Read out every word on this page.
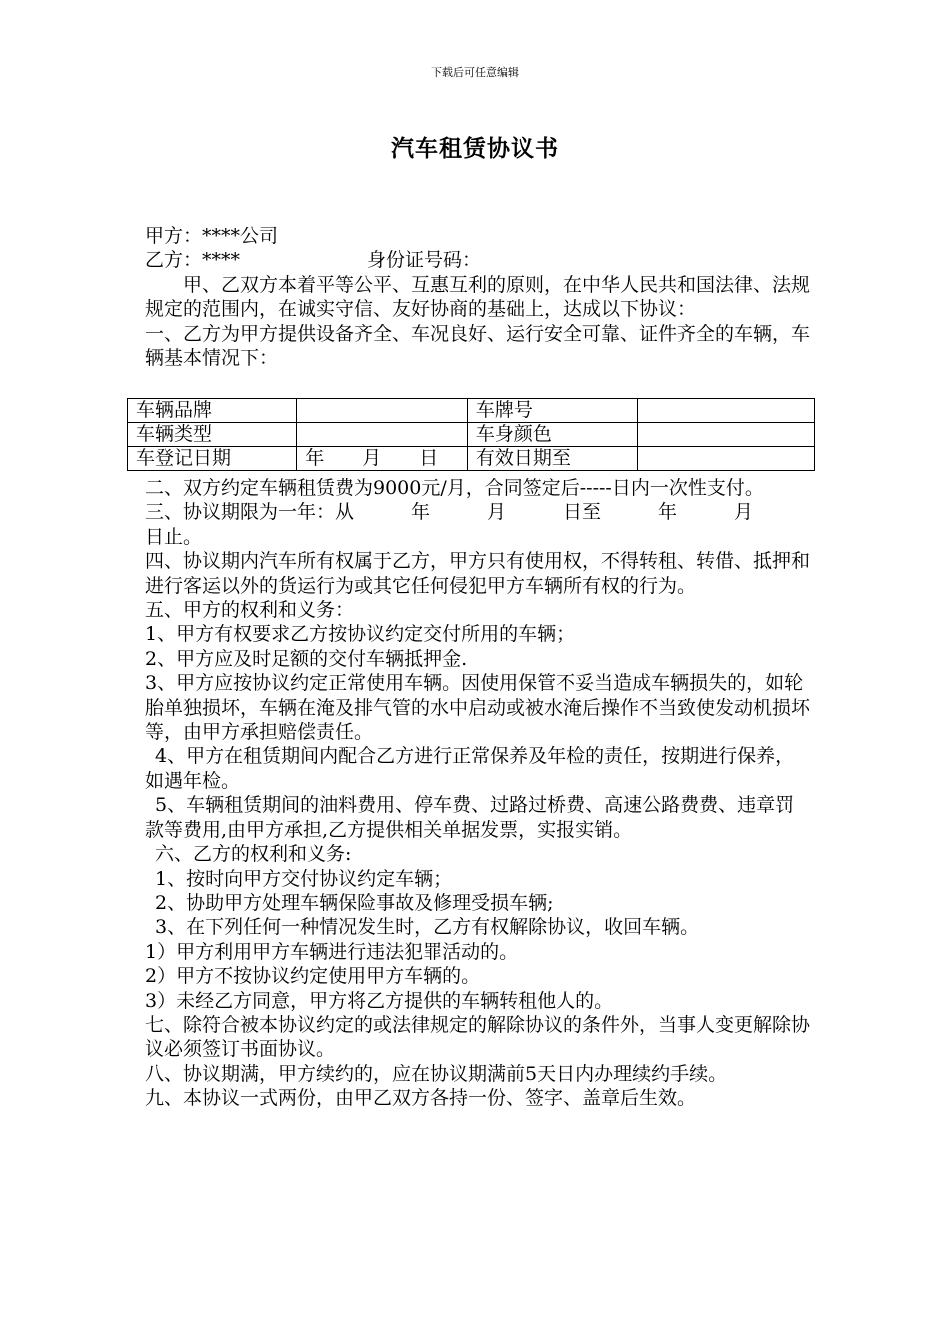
下载后可任意编辑
汽车租赁协议书
甲方：****公司
乙方：****	身份证号码：
甲、乙双方本着平等公平、互惠互利的原则，在中华人民共和国法律、法规规定的范围内，在诚实守信、友好协商的基础上，达成以下协议：
一、乙方为甲方提供设备齐全、车况良好、运行安全可靠、证件齐全的车辆，车辆基本情况下：
车辆品牌		车牌号	
车辆类型		车身颜色	
车登记日期	年　　月　　日	有效日期至	
二、双方约定车辆租赁费为9000元/月，合同签定后-----日内一次性支付。
三、协议期限为一年：从　　　年　　　月　　　日至　　　年　　　月　　　日止。
四、协议期内汽车所有权属于乙方，甲方只有使用权，不得转租、转借、抵押和进行客运以外的货运行为或其它任何侵犯甲方车辆所有权的行为。
五、甲方的权利和义务：
1、甲方有权要求乙方按协议约定交付所用的车辆；
2、甲方应及时足额的交付车辆抵押金.
3、甲方应按协议约定正常使用车辆。因使用保管不妥当造成车辆损失的，如轮胎单独损坏，车辆在淹及排气管的水中启动或被水淹后操作不当致使发动机损坏等，由甲方承担赔偿责任。
4、甲方在租赁期间内配合乙方进行正常保养及年检的责任，按期进行保养，如遇年检。
5、车辆租赁期间的油料费用、停车费、过路过桥费、高速公路费费、违章罚款等费用,由甲方承担,乙方提供相关单据发票，实报实销。
六、乙方的权利和义务:
1、按时向甲方交付协议约定车辆；
2、协助甲方处理车辆保险事故及修理受损车辆;
3、在下列任何一种情况发生时，乙方有权解除协议，收回车辆。
1）甲方利用甲方车辆进行违法犯罪活动的。
2）甲方不按协议约定使用甲方车辆的。
3）未经乙方同意，甲方将乙方提供的车辆转租他人的。
七、除符合被本协议约定的或法律规定的解除协议的条件外，当事人变更解除协议必须签订书面协议。
八、协议期满，甲方续约的，应在协议期满前5天日内办理续约手续。
九、本协议一式两份，由甲乙双方各持一份、签字、盖章后生效。
